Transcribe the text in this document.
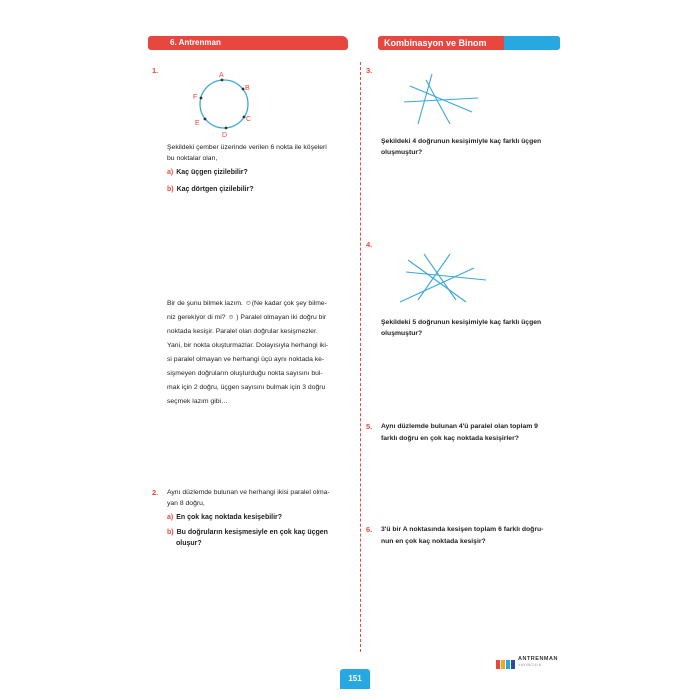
6. Antrenman	Kombinasyon ve Binom
1.
A
B
C
D
E
F
Şekildeki çember üzerinde verilen 6 nokta ile köşeleri
bu noktalar olan,
a) Kaç üçgen çizilebilir?
b) Kaç dörtgen çizilebilir?
Bir de şunu bilmek lazım. ☺(Ne kadar çok şey bilme-
niz gerekiyor di mi? ☺ ) Paralel olmayan iki doğru bir
noktada kesişir. Paralel olan doğrular kesişmezler.
Yani, bir nokta oluşturmazlar. Dolayısıyla herhangi iki-
si paralel olmayan ve herhangi üçü aynı noktada ke-
sişmeyen doğruların oluşturduğu nokta sayısını bul-
mak için 2 doğru, üçgen sayısını bulmak için 3 doğru
seçmek lazım gibi…
2. Aynı düzlemde bulunan ve herhangi ikisi paralel olma-
yan 8 doğru,
a) En çok kaç noktada kesişebilir?
b) Bu doğruların kesişmesiyle en çok kaç üçgen
oluşur?
3.
Şekildeki 4 doğrunun kesişimiyle kaç farklı üçgen
oluşmuştur?
4.
Şekildeki 5 doğrunun kesişimiyle kaç farklı üçgen
oluşmuştur?
5. Aynı düzlemde bulunan 4'ü paralel olan toplam 9
farklı doğru en çok kaç noktada kesişirler?
6. 3'ü bir A noktasında kesişen toplam 6 farklı doğru-
nun en çok kaç noktada kesişir?
ANTRENMAN
YAYINCILIK
151
